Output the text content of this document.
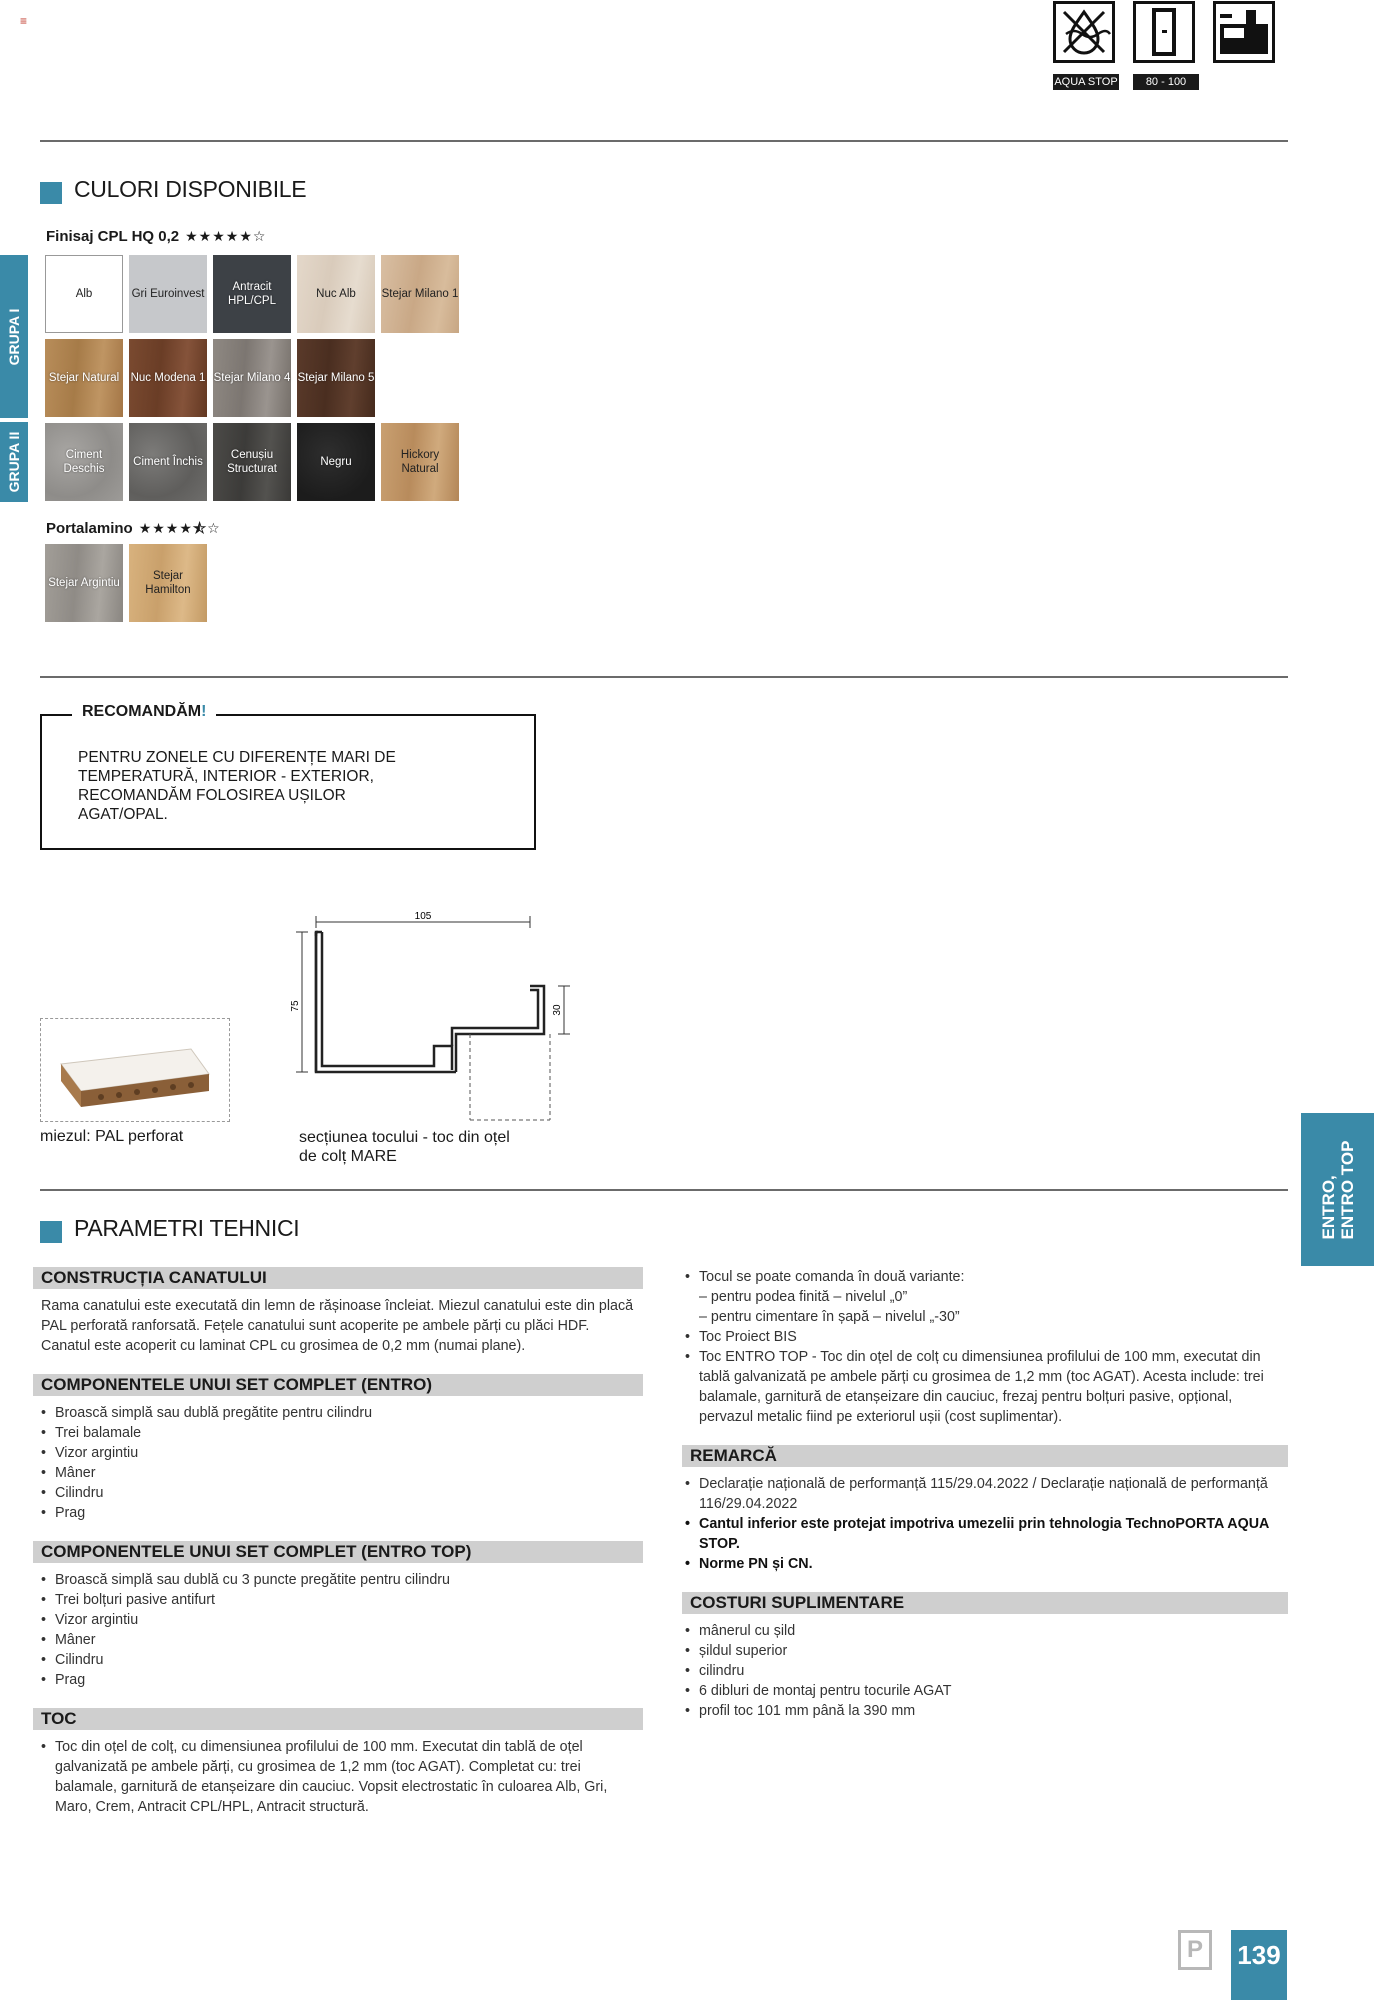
≡
AQUA STOP	80 - 100
CULORI DISPONIBILE
Finisaj CPL HQ 0,2 ★★★★★☆
GRUPA I
GRUPA II
Alb	Gri Euroinvest
Antracit HPL/CPL
Nuc Alb Stejar Milano 1
Stejar Natural Nuc Modena 1 Stejar Milano 4 Stejar Milano 5
Ciment Deschis
Ciment Închis
Cenușiu Structurat
Negru
Hickory Natural
Portalamino ★★★★⯪☆
Stejar Argintiu
Stejar Hamilton
RECOMANDĂM!
PENTRU ZONELE CU DIFERENȚE MARI DE TEMPERATURĂ, INTERIOR - EXTERIOR, RECOMANDĂM FOLOSIREA UȘILOR AGAT/OPAL.
miezul: PAL perforat
105
75	30
secțiunea tocului - toc din oțel de colț MARE
ENTRO, ENTRO TOP
PARAMETRI TEHNICI
CONSTRUCȚIA CANATULUI
Rama canatului este executată din lemn de rășinoase încleiat. Miezul canatului este din placă PAL perforată ranforsată. Fețele canatului sunt acoperite pe ambele părți cu plăci HDF. Canatul este acoperit cu laminat CPL cu grosimea de 0,2 mm (numai plane).
COMPONENTELE UNUI SET COMPLET (ENTRO)
• Broască simplă sau dublă pregătite pentru cilindru
• Trei balamale
• Vizor argintiu
• Mâner
• Cilindru
• Prag
COMPONENTELE UNUI SET COMPLET (ENTRO TOP)
• Broască simplă sau dublă cu 3 puncte pregătite pentru cilindru
• Trei bolțuri pasive antifurt
• Vizor argintiu
• Mâner
• Cilindru
• Prag
TOC
• Toc din oțel de colț, cu dimensiunea profilului de 100 mm. Executat din tablă de oțel galvanizată pe ambele părți, cu grosimea de 1,2 mm (toc AGAT). Completat cu: trei balamale, garnitură de etanșeizare din cauciuc. Vopsit electrostatic în culoarea Alb, Gri, Maro, Crem, Antracit CPL/HPL, Antracit structură.
• Tocul se poate comanda în două variante:
– pentru podea finită – nivelul „0”
– pentru cimentare în șapă – nivelul „-30”
• Toc Proiect BIS
• Toc ENTRO TOP - Toc din oțel de colț cu dimensiunea profilului de 100 mm, executat din tablă galvanizată pe ambele părți cu grosimea de 1,2 mm (toc AGAT). Acesta include: trei balamale, garnitură de etanșeizare din cauciuc, frezaj pentru bolțuri pasive, opțional, pervazul metalic fiind pe exteriorul ușii (cost suplimentar).
REMARCĂ
• Declarație națională de performanță 115/29.04.2022 / Declarație națională de performanță 116/29.04.2022
• Cantul inferior este protejat impotriva umezelii prin tehnologia TechnoPORTA AQUA STOP.
• Norme PN și CN.
COSTURI SUPLIMENTARE
• mânerul cu șild
• șildul superior
• cilindru
• 6 dibluri de montaj pentru tocurile AGAT
• profil toc 101 mm până la 390 mm
P	139
